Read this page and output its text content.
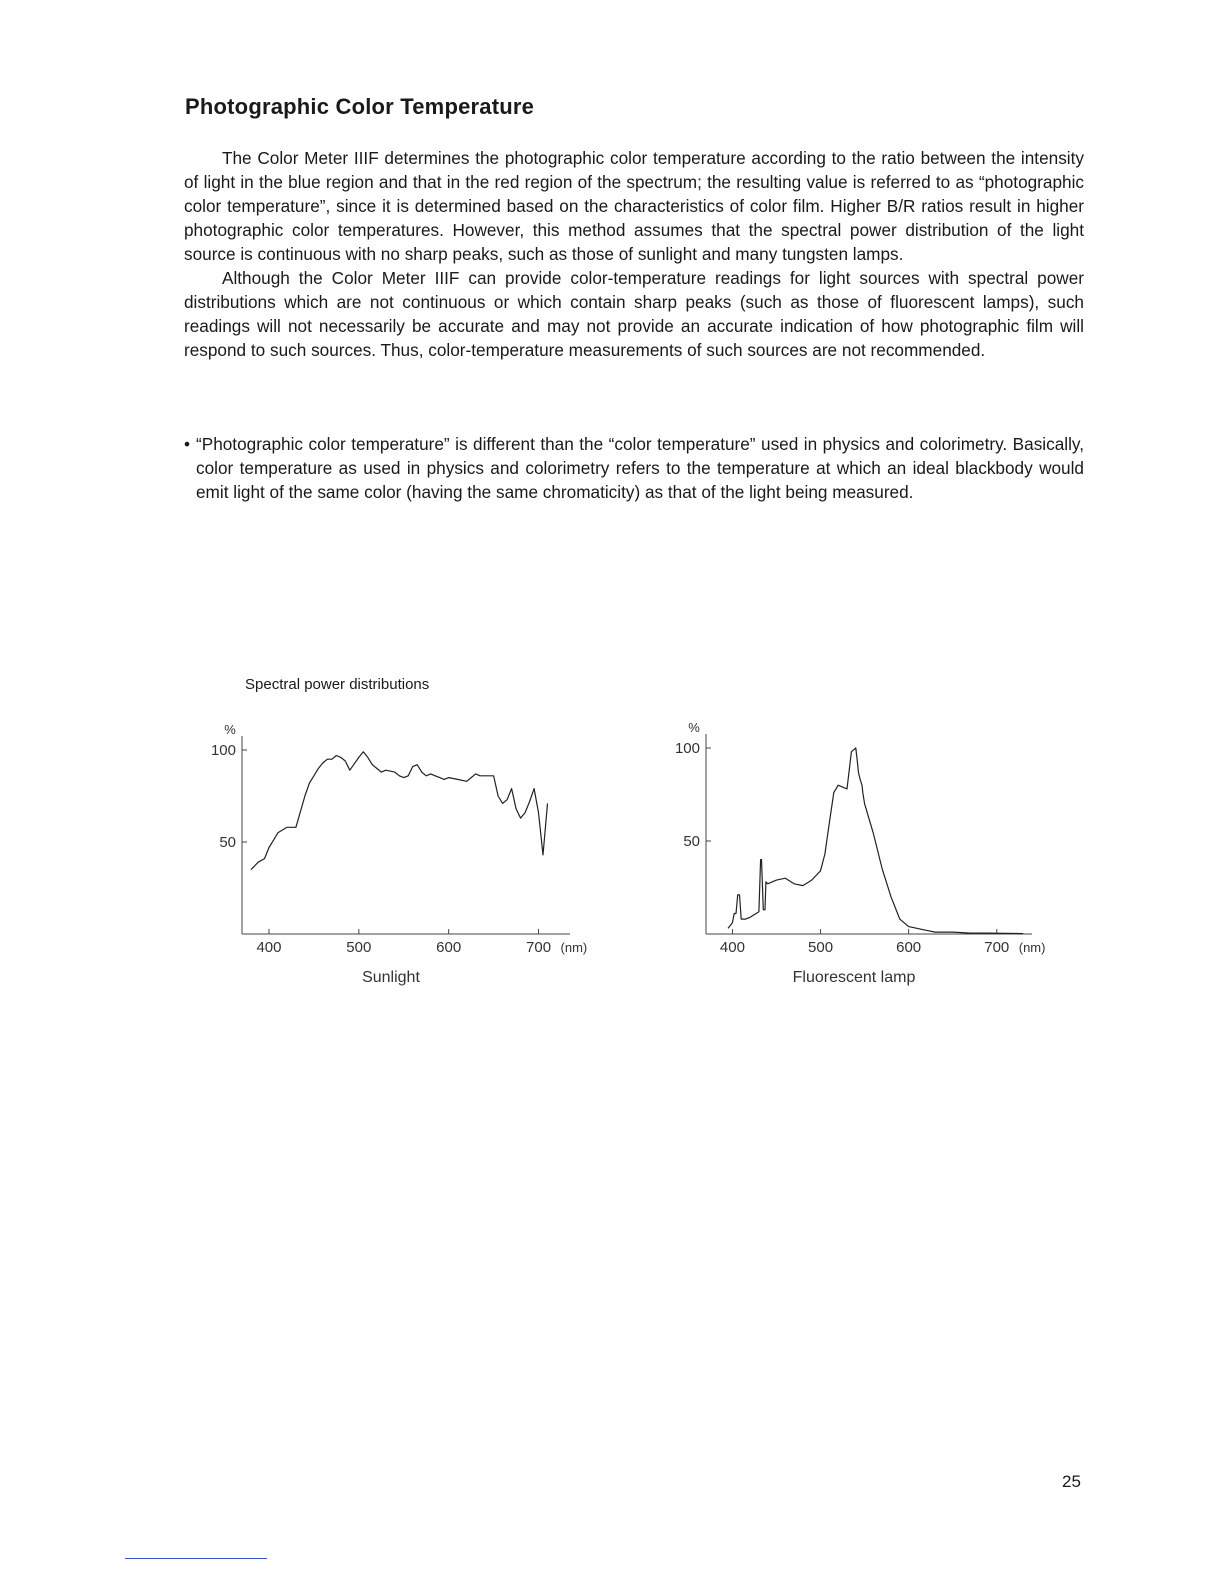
Photographic Color Temperature

The Color Meter IIIF determines the photographic color temperature according to the ratio between the intensity of light in the blue region and that in the red region of the spectrum; the resulting value is referred to as “photographic color temperature”, since it is determined based on the characteristics of color film. Higher B/R ratios result in higher photographic color temperatures. However, this method assumes that the spectral power distribution of the light source is continuous with no sharp peaks, such as those of sunlight and many tungsten lamps.

Although the Color Meter IIIF can provide color-temperature readings for light sources with spectral power distributions which are not continuous or which contain sharp peaks (such as those of fluorescent lamps), such readings will not necessarily be accurate and may not provide an accurate indication of how photographic film will respond to such sources. Thus, color-temperature measurements of such sources are not recommended.

• “Photographic color temperature” is different than the “color temperature” used in physics and colorimetry. Basically, color temperature as used in physics and colorimetry refers to the temperature at which an ideal blackbody would emit light of the same color (having the same chromaticity) as that of the light being measured.
Spectral power distributions
%
50
100
400	500	600	700 (nm)
Sunlight
%
50
100
400	500	600	700 (nm)
Fluorescent lamp
25
